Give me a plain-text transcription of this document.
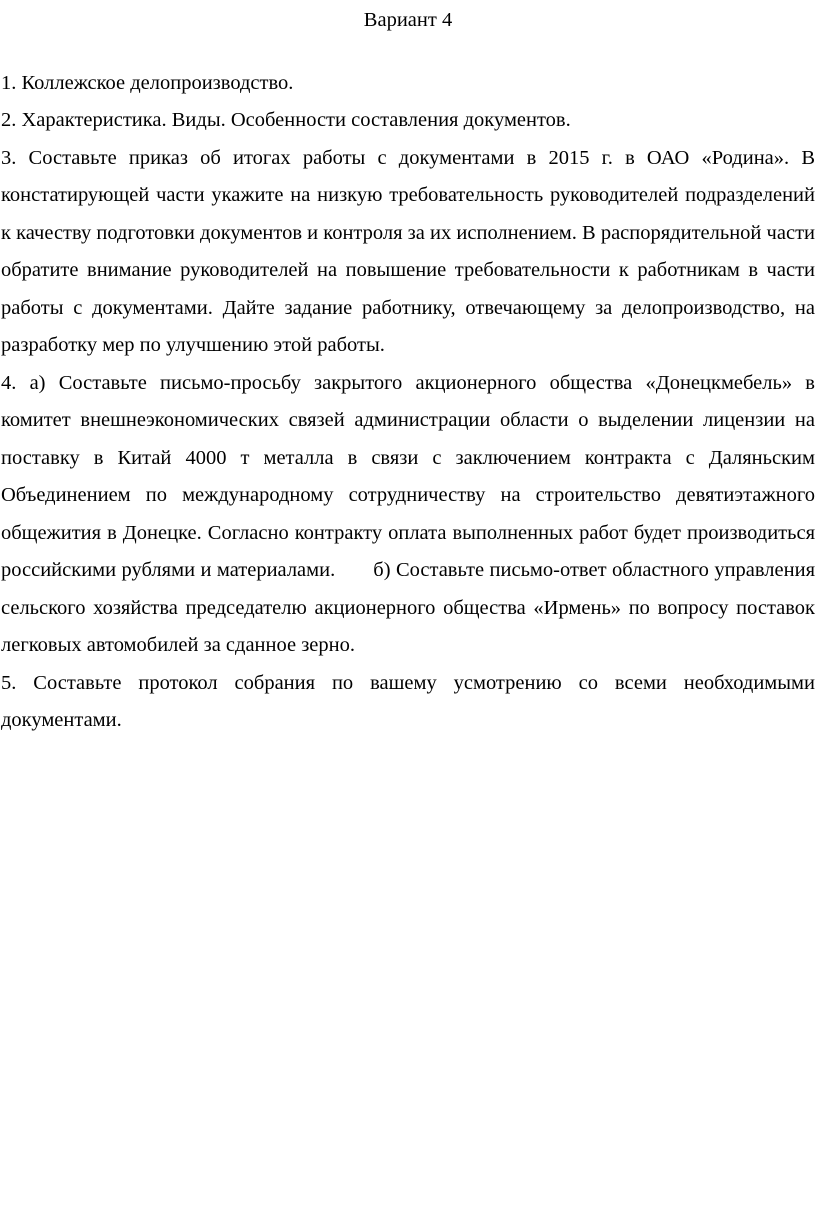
Вариант 4

1. Коллежское делопроизводство.

2. Характеристика. Виды. Особенности составления документов.

3. Составьте приказ об итогах работы с документами в 2015 г. в ОАО «Родина». В констатирующей части укажите на низкую требовательность руководителей подразделений к качеству подготовки документов и контроля за их исполнением. В распорядительной части обратите внимание руководителей на повышение требовательности к работникам в части работы с документами. Дайте задание работнику, отвечающему за делопроизводство, на разработку мер по улучшению этой работы.

4. а) Составьте письмо-просьбу закрытого акционерного общества «Донецкмебель» в комитет внешнеэкономических связей администрации области о выделении лицензии на поставку в Китай 4000 т металла в связи с заключением контракта с Даляньским Объединением по международному сотрудничеству на строительство девятиэтажного общежития в Донецке. Согласно контракту оплата выполненных работ будет производиться российскими рублями и материалами.       б) Составьте письмо-ответ областного управления сельского хозяйства председателю акционерного общества «Ирмень» по вопросу поставок легковых автомобилей за сданное зерно.

5. Составьте протокол собрания по вашему усмотрению со всеми необходимыми документами.
